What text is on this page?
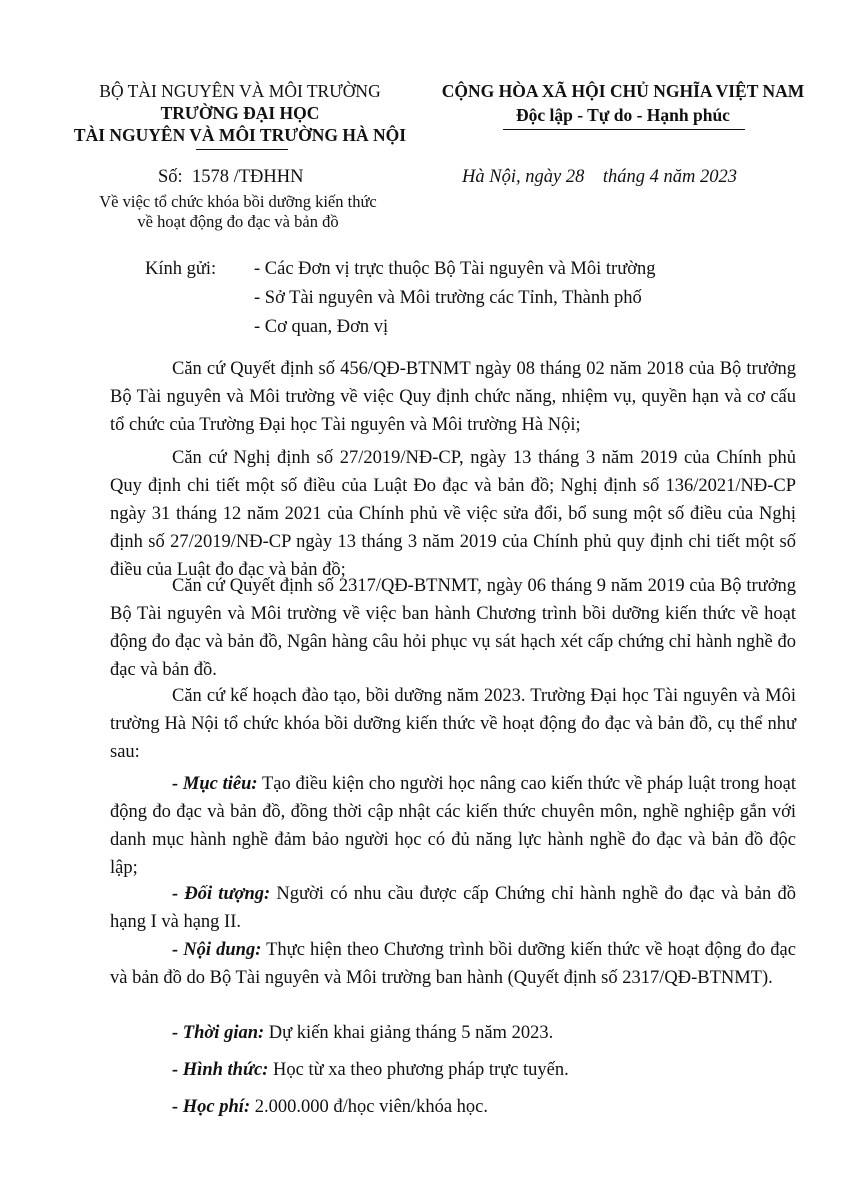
BỘ TÀI NGUYÊN VÀ MÔI TRƯỜNG
TRƯỜNG ĐẠI HỌC
TÀI NGUYÊN VÀ MÔI TRƯỜNG HÀ NỘI
CỘNG HÒA XÃ HỘI CHỦ NGHĨA VIỆT NAM
Độc lập - Tự do - Hạnh phúc
Số: 1578 /TĐHHN	Hà Nội, ngày 28 tháng 4 năm 2023
Về việc tổ chức khóa bồi dưỡng kiến thức
về hoạt động đo đạc và bản đồ
Kính gửi: - Các Đơn vị trực thuộc Bộ Tài nguyên và Môi trường
- Sở Tài nguyên và Môi trường các Tỉnh, Thành phố
- Cơ quan, Đơn vị
Căn cứ Quyết định số 456/QĐ-BTNMT ngày 08 tháng 02 năm 2018 của Bộ trưởng Bộ Tài nguyên và Môi trường về việc Quy định chức năng, nhiệm vụ, quyền hạn và cơ cấu tổ chức của Trường Đại học Tài nguyên và Môi trường Hà Nội;
Căn cứ Nghị định số 27/2019/NĐ-CP, ngày 13 tháng 3 năm 2019 của Chính phủ Quy định chi tiết một số điều của Luật Đo đạc và bản đồ; Nghị định số 136/2021/NĐ-CP ngày 31 tháng 12 năm 2021 của Chính phủ về việc sửa đổi, bổ sung một số điều của Nghị định số 27/2019/NĐ-CP ngày 13 tháng 3 năm 2019 của Chính phủ quy định chi tiết một số điều của Luật đo đạc và bản đồ;
Căn cứ Quyết định số 2317/QĐ-BTNMT, ngày 06 tháng 9 năm 2019 của Bộ trưởng Bộ Tài nguyên và Môi trường về việc ban hành Chương trình bồi dưỡng kiến thức về hoạt động đo đạc và bản đồ, Ngân hàng câu hỏi phục vụ sát hạch xét cấp chứng chỉ hành nghề đo đạc và bản đồ.
Căn cứ kế hoạch đào tạo, bồi dưỡng năm 2023. Trường Đại học Tài nguyên và Môi trường Hà Nội tổ chức khóa bồi dưỡng kiến thức về hoạt động đo đạc và bản đồ, cụ thể như sau:
- Mục tiêu: Tạo điều kiện cho người học nâng cao kiến thức về pháp luật trong hoạt động đo đạc và bản đồ, đồng thời cập nhật các kiến thức chuyên môn, nghề nghiệp gắn với danh mục hành nghề đảm bảo người học có đủ năng lực hành nghề đo đạc và bản đồ độc lập;
- Đối tượng: Người có nhu cầu được cấp Chứng chỉ hành nghề đo đạc và bản đồ hạng I và hạng II.
- Nội dung: Thực hiện theo Chương trình bồi dưỡng kiến thức về hoạt động đo đạc và bản đồ do Bộ Tài nguyên và Môi trường ban hành (Quyết định số 2317/QĐ-BTNMT).
- Thời gian: Dự kiến khai giảng tháng 5 năm 2023.
- Hình thức: Học từ xa theo phương pháp trực tuyến.
- Học phí: 2.000.000 đ/học viên/khóa học.
